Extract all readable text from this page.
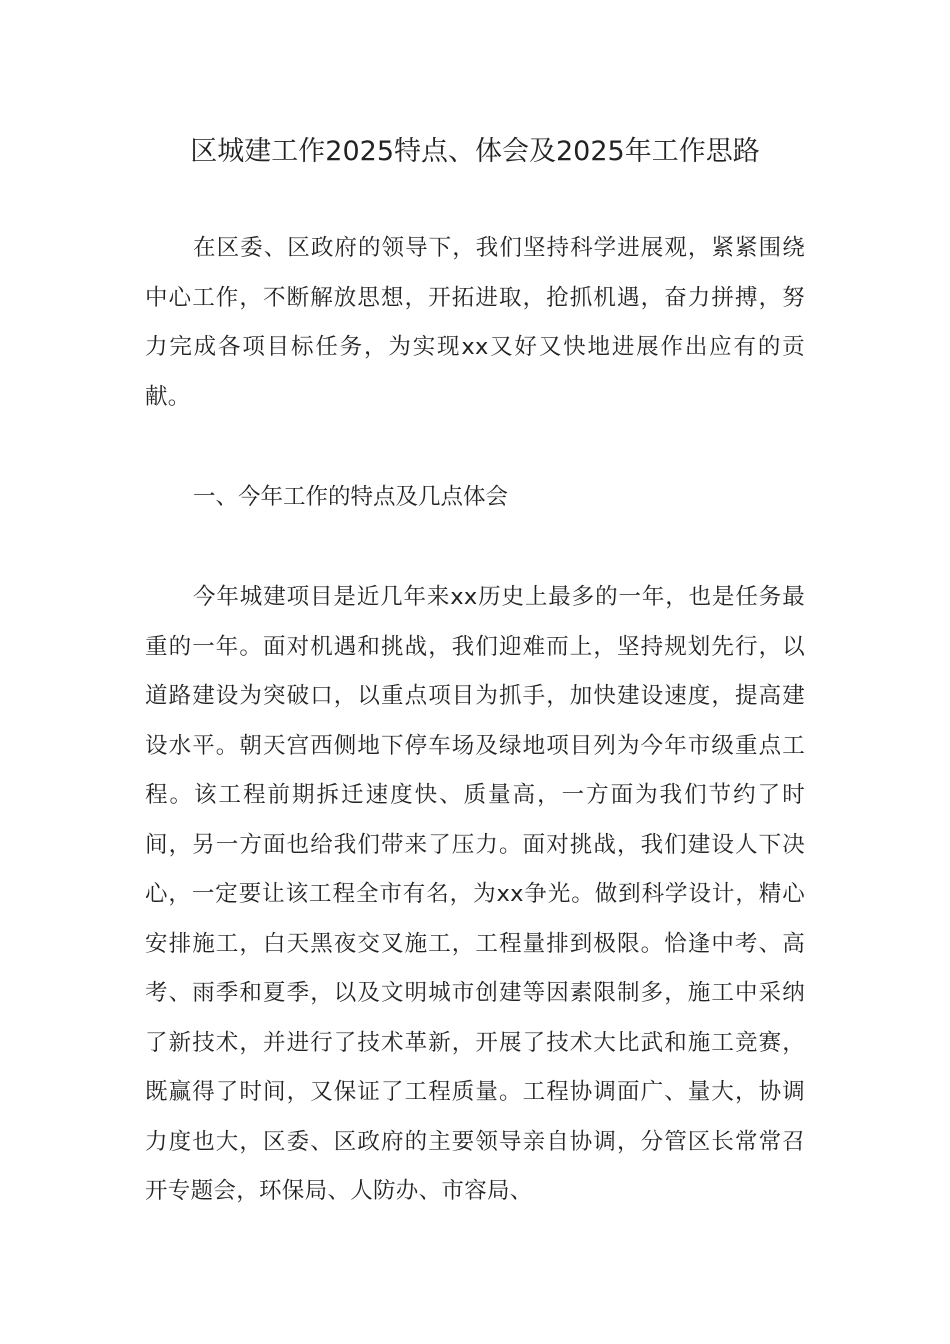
区城建工作2025特点、体会及2025年工作思路

在区委、区政府的领导下，我们坚持科学进展观，紧紧围绕中心工作，不断解放思想，开拓进取，抢抓机遇，奋力拼搏，努力完成各项目标任务，为实现xx又好又快地进展作出应有的贡献。

一、今年工作的特点及几点体会

今年城建项目是近几年来xx历史上最多的一年，也是任务最重的一年。面对机遇和挑战，我们迎难而上，坚持规划先行，以道路建设为突破口，以重点项目为抓手，加快建设速度，提高建设水平。朝天宫西侧地下停车场及绿地项目列为今年市级重点工程。该工程前期拆迁速度快、质量高，一方面为我们节约了时间，另一方面也给我们带来了压力。面对挑战，我们建设人下决心，一定要让该工程全市有名，为xx争光。做到科学设计，精心安排施工，白天黑夜交叉施工，工程量排到极限。恰逢中考、高考、雨季和夏季，以及文明城市创建等因素限制多，施工中采纳了新技术，并进行了技术革新，开展了技术大比武和施工竞赛，既赢得了时间，又保证了工程质量。工程协调面广、量大，协调力度也大，区委、区政府的主要领导亲自协调，分管区长常常召开专题会，环保局、人防办、市容局、
